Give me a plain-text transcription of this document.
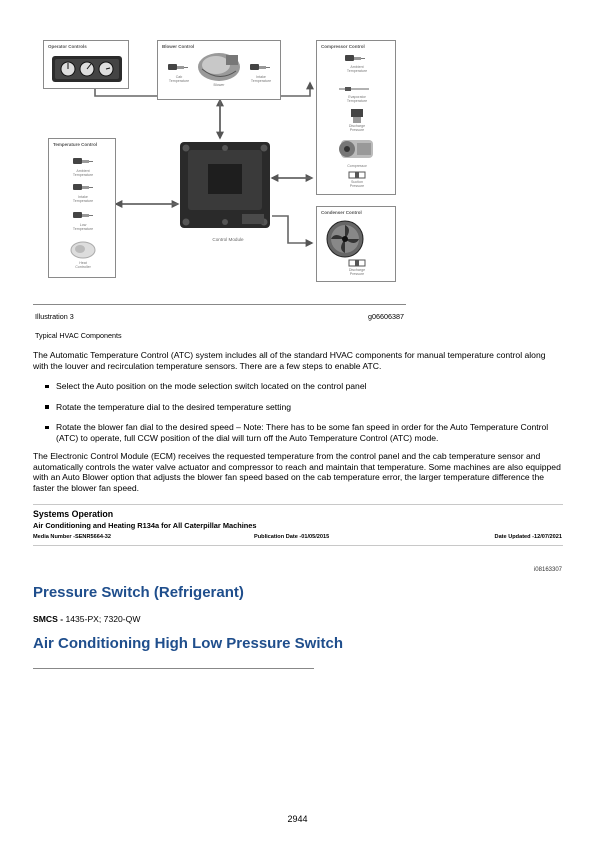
Operator Controls	Blower Control
Cab
Temperature
Blower
Intake
Temperature
Compressor Control
Ambient
Temperature
Evaporator
Temperature
Discharge
Pressure
Compressor
Suction
Pressure
Temperature Control
Ambient
Temperature
Intake
Temperature
Low
Temperature
Heat
Controller
Control Module
Condenser Control
Discharge
Pressure
Illustration 3	g06606387
Typical HVAC Components

The Automatic Temperature Control (ATC) system includes all of the standard HVAC components for manual temperature control along with the louver and recirculation temperature sensors. There are a few steps to enable ATC.

Select the Auto position on the mode selection switch located on the control panel
Rotate the temperature dial to the desired temperature setting
Rotate the blower fan dial to the desired speed – Note: There has to be some fan speed in order for the Auto Temperature Control (ATC) to operate, full CCW position of the dial will turn off the Auto Temperature Control (ATC) mode.

The Electronic Control Module (ECM) receives the requested temperature from the control panel and the cab temperature sensor and automatically controls the water valve actuator and compressor to reach and maintain that temperature. Some machines are also equipped with an Auto Blower option that adjusts the blower fan speed based on the cab temperature error, the larger temperature difference the faster the blower fan speed.

Systems Operation
Air Conditioning and Heating R134a for All Caterpillar Machines
Media Number -SENR5664-32	Publication Date -01/05/2015	Date Updated -12/07/2021
i08163307
Pressure Switch (Refrigerant)
SMCS - 1435-PX; 7320-QW
Air Conditioning High Low Pressure Switch
2944
